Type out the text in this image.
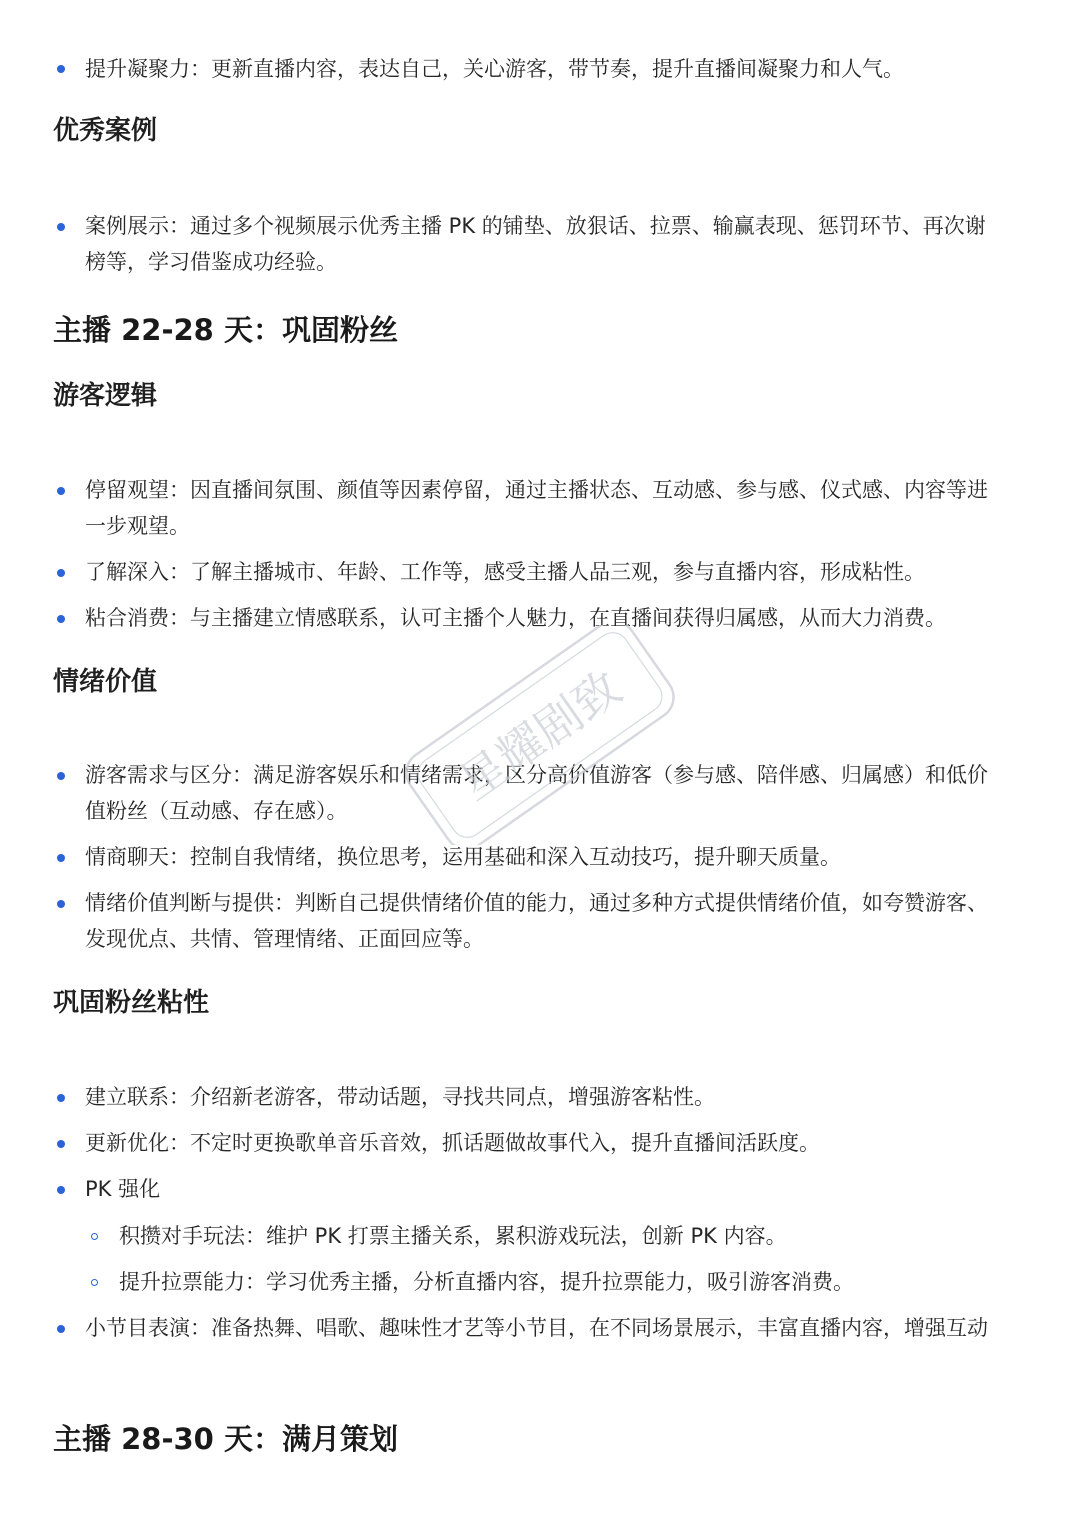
提升凝聚力：更新直播内容，表达自己，关心游客，带节奏，提升直播间凝聚力和人气。
优秀案例
案例展示：通过多个视频展示优秀主播 PK 的铺垫、放狠话、拉票、输赢表现、惩罚环节、再次谢
榜等，学习借鉴成功经验。
主播 22-28 天：巩固粉丝
游客逻辑
停留观望：因直播间氛围、颜值等因素停留，通过主播状态、互动感、参与感、仪式感、内容等进
一步观望。
了解深入：了解主播城市、年龄、工作等，感受主播人品三观，参与直播内容，形成粘性。
粘合消费：与主播建立情感联系，认可主播个人魅力，在直播间获得归属感，从而大力消费。
情绪价值
游客需求与区分：满足游客娱乐和情绪需求，区分高价值游客（参与感、陪伴感、归属感）和低价
值粉丝（互动感、存在感）。
情商聊天：控制自我情绪，换位思考，运用基础和深入互动技巧，提升聊天质量。
情绪价值判断与提供：判断自己提供情绪价值的能力，通过多种方式提供情绪价值，如夸赞游客、
发现优点、共情、管理情绪、正面回应等。
巩固粉丝粘性
建立联系：介绍新老游客，带动话题，寻找共同点，增强游客粘性。
更新优化：不定时更换歌单音乐音效，抓话题做故事代入，提升直播间活跃度。
PK 强化
积攒对手玩法：维护 PK 打票主播关系，累积游戏玩法，创新 PK 内容。
提升拉票能力：学习优秀主播，分析直播内容，提升拉票能力，吸引游客消费。
小节目表演：准备热舞、唱歌、趣味性才艺等小节目，在不同场景展示，丰富直播内容，增强互动
主播 28-30 天：满月策划
星耀剧致
